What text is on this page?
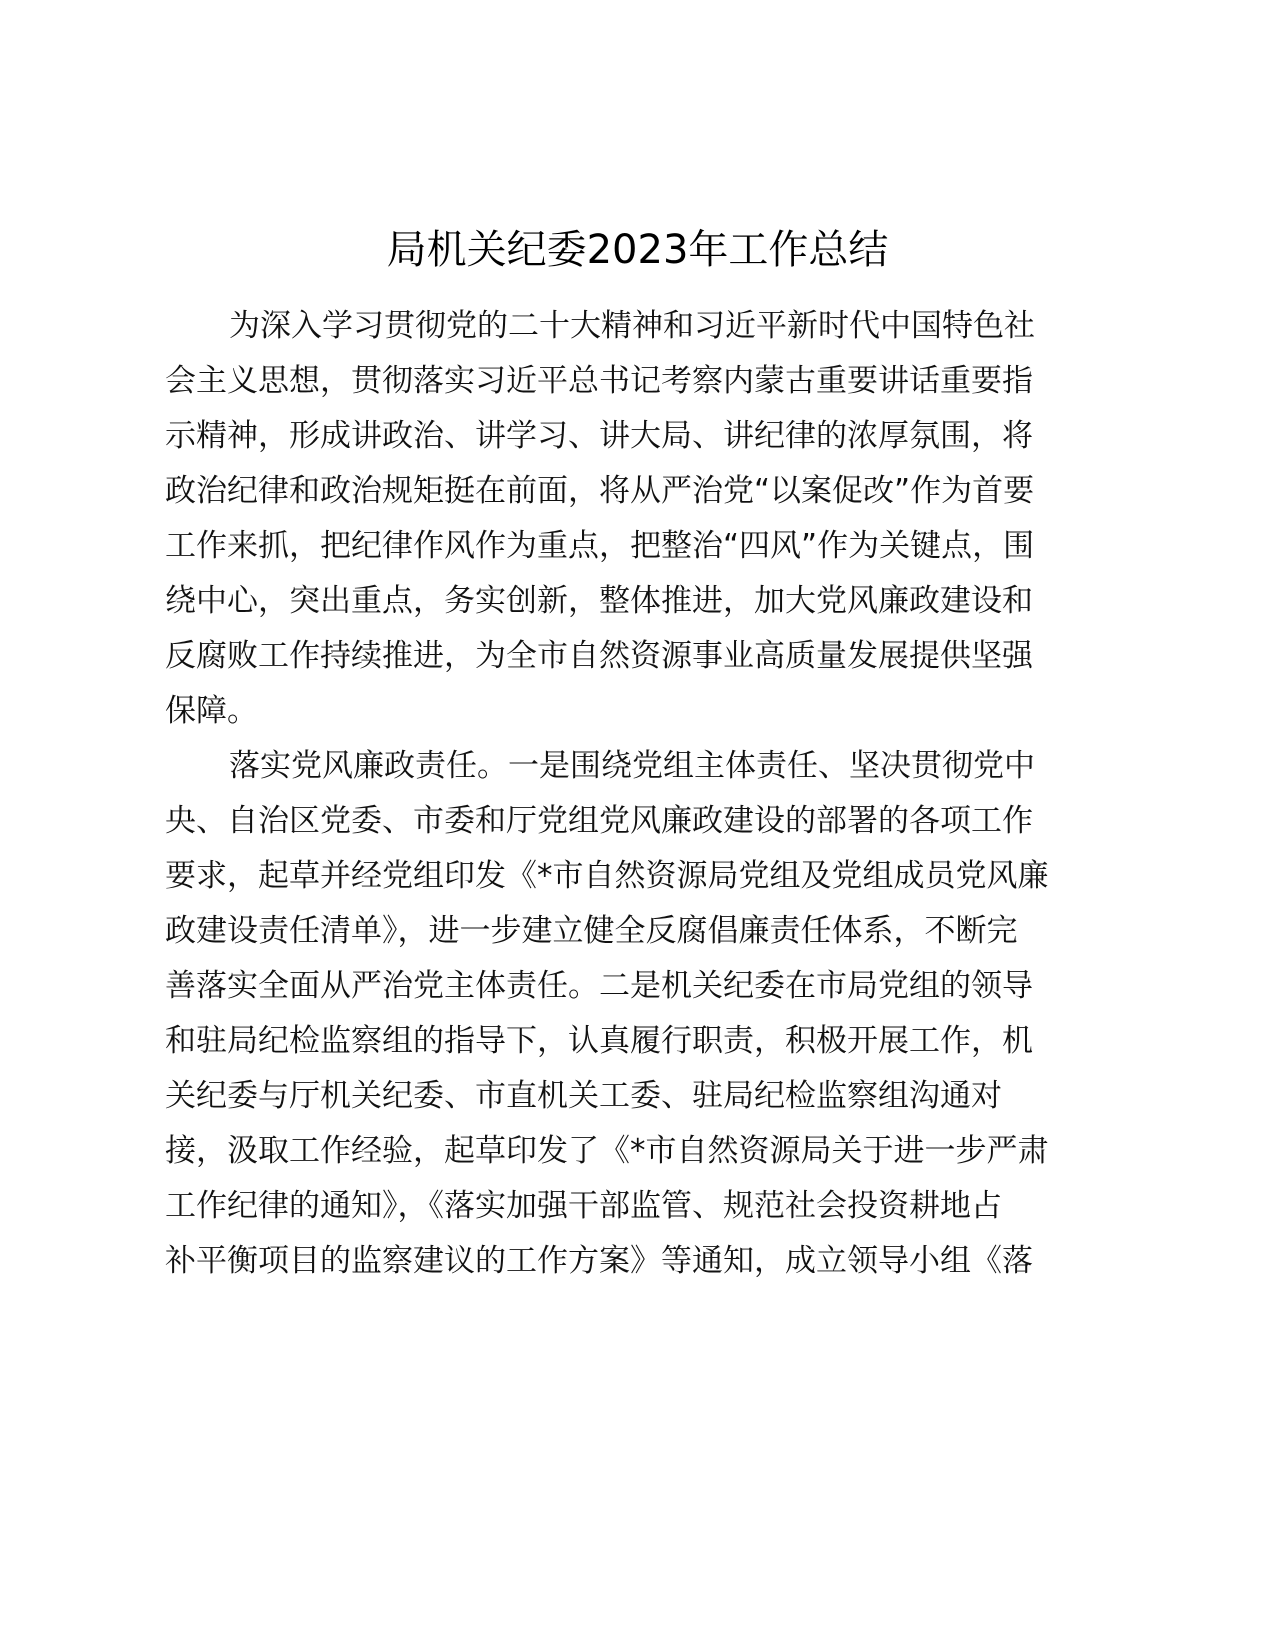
局机关纪委2023年工作总结

为深入学习贯彻党的二十大精神和习近平新时代中国特色社

会主义思想，贯彻落实习近平总书记考察内蒙古重要讲话重要指

示精神，形成讲政治、讲学习、讲大局、讲纪律的浓厚氛围，将

政治纪律和政治规矩挺在前面，将从严治党“以案促改”作为首要

工作来抓，把纪律作风作为重点，把整治“四风”作为关键点，围

绕中心，突出重点，务实创新，整体推进，加大党风廉政建设和

反腐败工作持续推进，为全市自然资源事业高质量发展提供坚强

保障。

落实党风廉政责任。一是围绕党组主体责任、坚决贯彻党中

央、自治区党委、市委和厅党组党风廉政建设的部署的各项工作

要求，起草并经党组印发《*市自然资源局党组及党组成员党风廉

政建设责任清单》，进一步建立健全反腐倡廉责任体系，不断完

善落实全面从严治党主体责任。二是机关纪委在市局党组的领导

和驻局纪检监察组的指导下，认真履行职责，积极开展工作，机

关纪委与厅机关纪委、市直机关工委、驻局纪检监察组沟通对

接，汲取工作经验，起草印发了《*市自然资源局关于进一步严肃

工作纪律的通知》，《落实加强干部监管、规范社会投资耕地占

补平衡项目的监察建议的工作方案》等通知，成立领导小组《落
